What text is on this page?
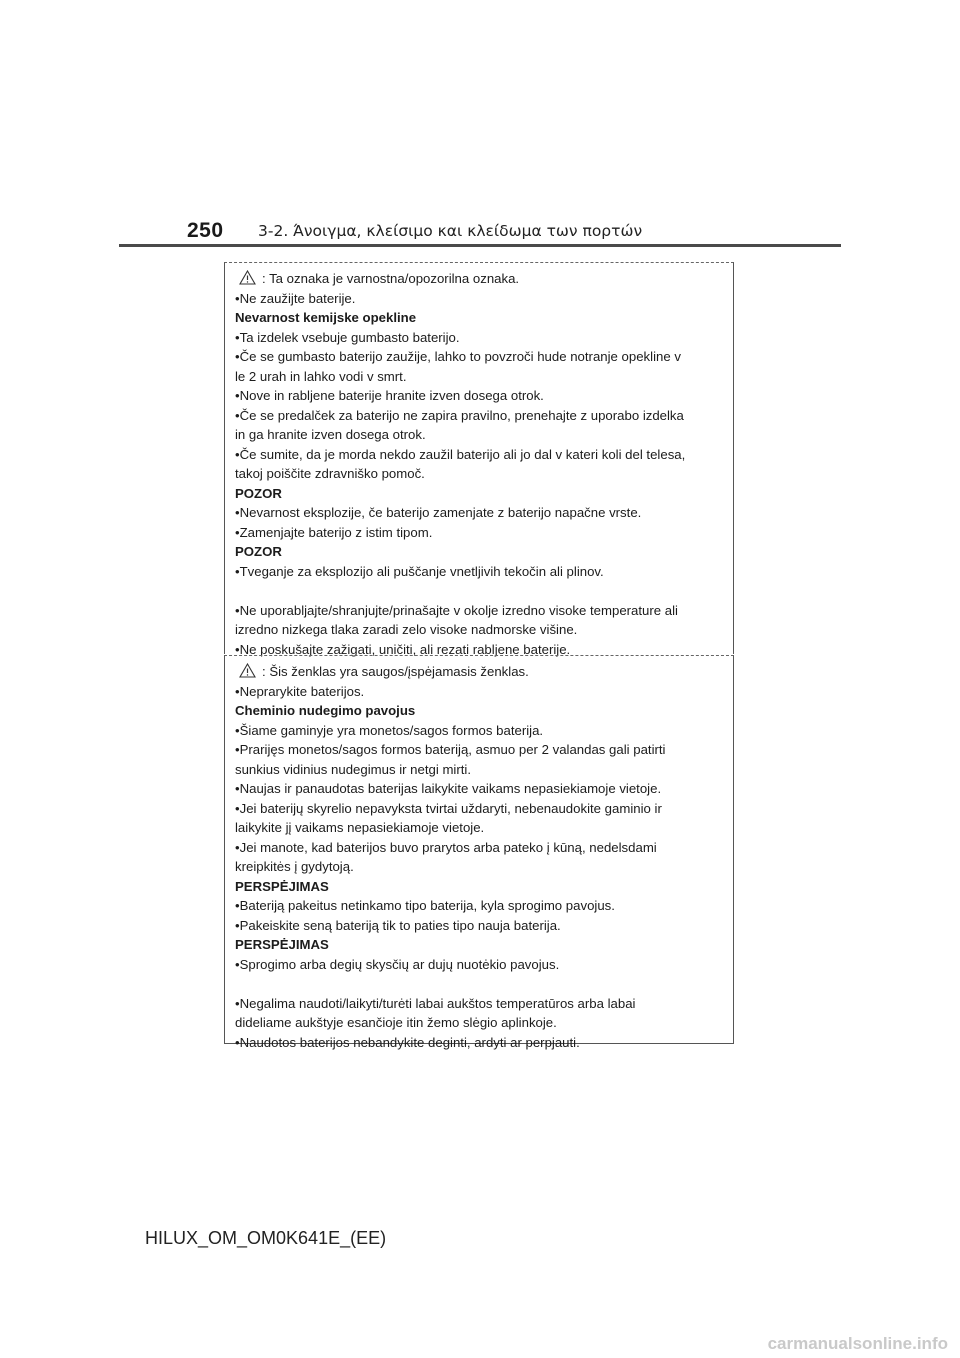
250 3-2. Άνοιγμα, κλείσιμο και κλείδωμα των πορτών
: Ta oznaka je varnostna/opozorilna oznaka.
•Ne zaužijte baterije.
Nevarnost kemijske opekline
•Ta izdelek vsebuje gumbasto baterijo.
•Če se gumbasto baterijo zaužije, lahko to povzroči hude notranje opekline v
le 2 urah in lahko vodi v smrt.
•Nove in rabljene baterije hranite izven dosega otrok.
•Če se predalček za baterijo ne zapira pravilno, prenehajte z uporabo izdelka
in ga hranite izven dosega otrok.
•Če sumite, da je morda nekdo zaužil baterijo ali jo dal v kateri koli del telesa,
takoj poiščite zdravniško pomoč.
POZOR
•Nevarnost eksplozije, če baterijo zamenjate z baterijo napačne vrste.
•Zamenjajte baterijo z istim tipom.
POZOR
•Tveganje za eksplozijo ali puščanje vnetljivih tekočin ali plinov.
•Ne uporabljajte/shranjujte/prinašajte v okolje izredno visoke temperature ali
izredno nizkega tlaka zaradi zelo visoke nadmorske višine.
•Ne poskušajte zažigati, uničiti, ali rezati rabljene baterije.
: Šis ženklas yra saugos/įspėjamasis ženklas.
•Neprarykite baterijos.
Cheminio nudegimo pavojus
•Šiame gaminyje yra monetos/sagos formos baterija.
•Prarijęs monetos/sagos formos bateriją, asmuo per 2 valandas gali patirti
sunkius vidinius nudegimus ir netgi mirti.
•Naujas ir panaudotas baterijas laikykite vaikams nepasiekiamoje vietoje.
•Jei baterijų skyrelio nepavyksta tvirtai uždaryti, nebenaudokite gaminio ir
laikykite jį vaikams nepasiekiamoje vietoje.
•Jei manote, kad baterijos buvo prarytos arba pateko į kūną, nedelsdami
kreipkitės į gydytoją.
PERSPĖJIMAS
•Bateriją pakeitus netinkamo tipo baterija, kyla sprogimo pavojus.
•Pakeiskite seną bateriją tik to paties tipo nauja baterija.
PERSPĖJIMAS
•Sprogimo arba degių skysčių ar dujų nuotėkio pavojus.
•Negalima naudoti/laikyti/turėti labai aukštos temperatūros arba labai
dideliame aukštyje esančioje itin žemo slėgio aplinkoje.
•Naudotos baterijos nebandykite deginti, ardyti ar perpjauti.
HILUX_OM_OM0K641E_(EE)
carmanualsonline.info
